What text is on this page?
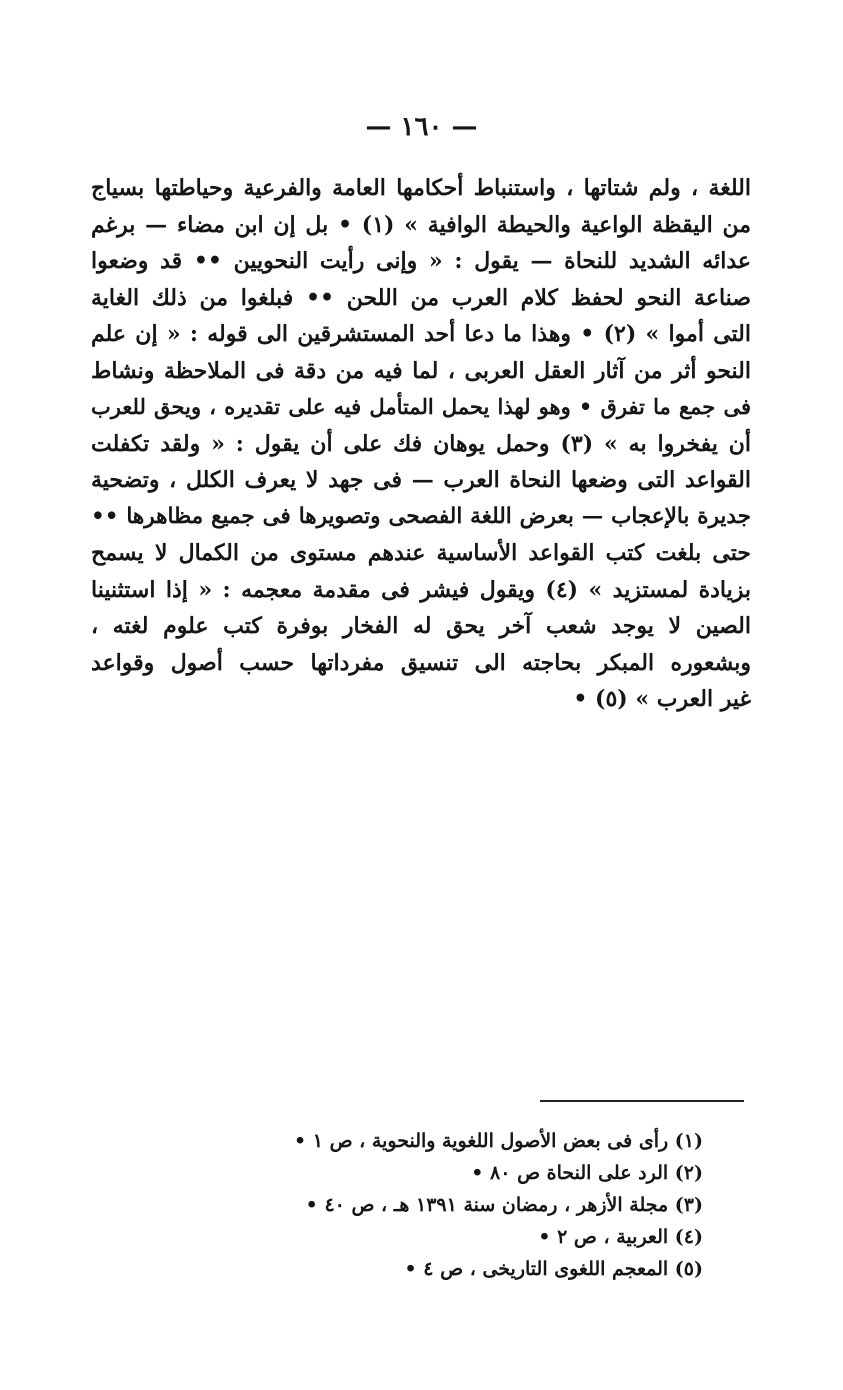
— ١٦٠ —
اللغة ، ولم شتاتها ، واستنباط أحكامها العامة والفرعية وحياطتها بسياج
من اليقظة الواعية والحيطة الوافية » (١) • بل إن ابن مضاء — برغم
عدائه الشديد للنحاة — يقول : « وإنى رأيت النحويين •• قد وضعوا
صناعة النحو لحفظ كلام العرب من اللحن •• فبلغوا من ذلك الغاية
التى أموا » (٢) • وهذا ما دعا أحد المستشرقين الى قوله : « إن علم
النحو أثر من آثار العقل العربى ، لما فيه من دقة فى الملاحظة ونشاط
فى جمع ما تفرق • وهو لهذا يحمل المتأمل فيه على تقديره ، ويحق للعرب
أن يفخروا به » (٣) وحمل يوهان فك على أن يقول : « ولقد تكفلت
القواعد التى وضعها النحاة العرب — فى جهد لا يعرف الكلل ، وتضحية
جديرة بالإعجاب — بعرض اللغة الفصحى وتصويرها فى جميع مظاهرها ••
حتى بلغت كتب القواعد الأساسية عندهم مستوى من الكمال لا يسمح
بزيادة لمستزيد » (٤) ويقول فيشر فى مقدمة معجمه : « إذا استثنينا
الصين لا يوجد شعب آخر يحق له الفخار بوفرة كتب علوم لغته ،
وبشعوره المبكر بحاجته الى تنسيق مفرداتها حسب أصول وقواعد
غير العرب » (٥) •
(١) رأى فى بعض الأصول اللغوية والنحوية ، ص ١ •
(٢) الرد على النحاة ص ٨٠ •
(٣) مجلة الأزهر ، رمضان سنة ١٣٩١ هـ ، ص ٤٠ •
(٤) العربية ، ص ٢ •
(٥) المعجم اللغوى التاريخى ، ص ٤ •
